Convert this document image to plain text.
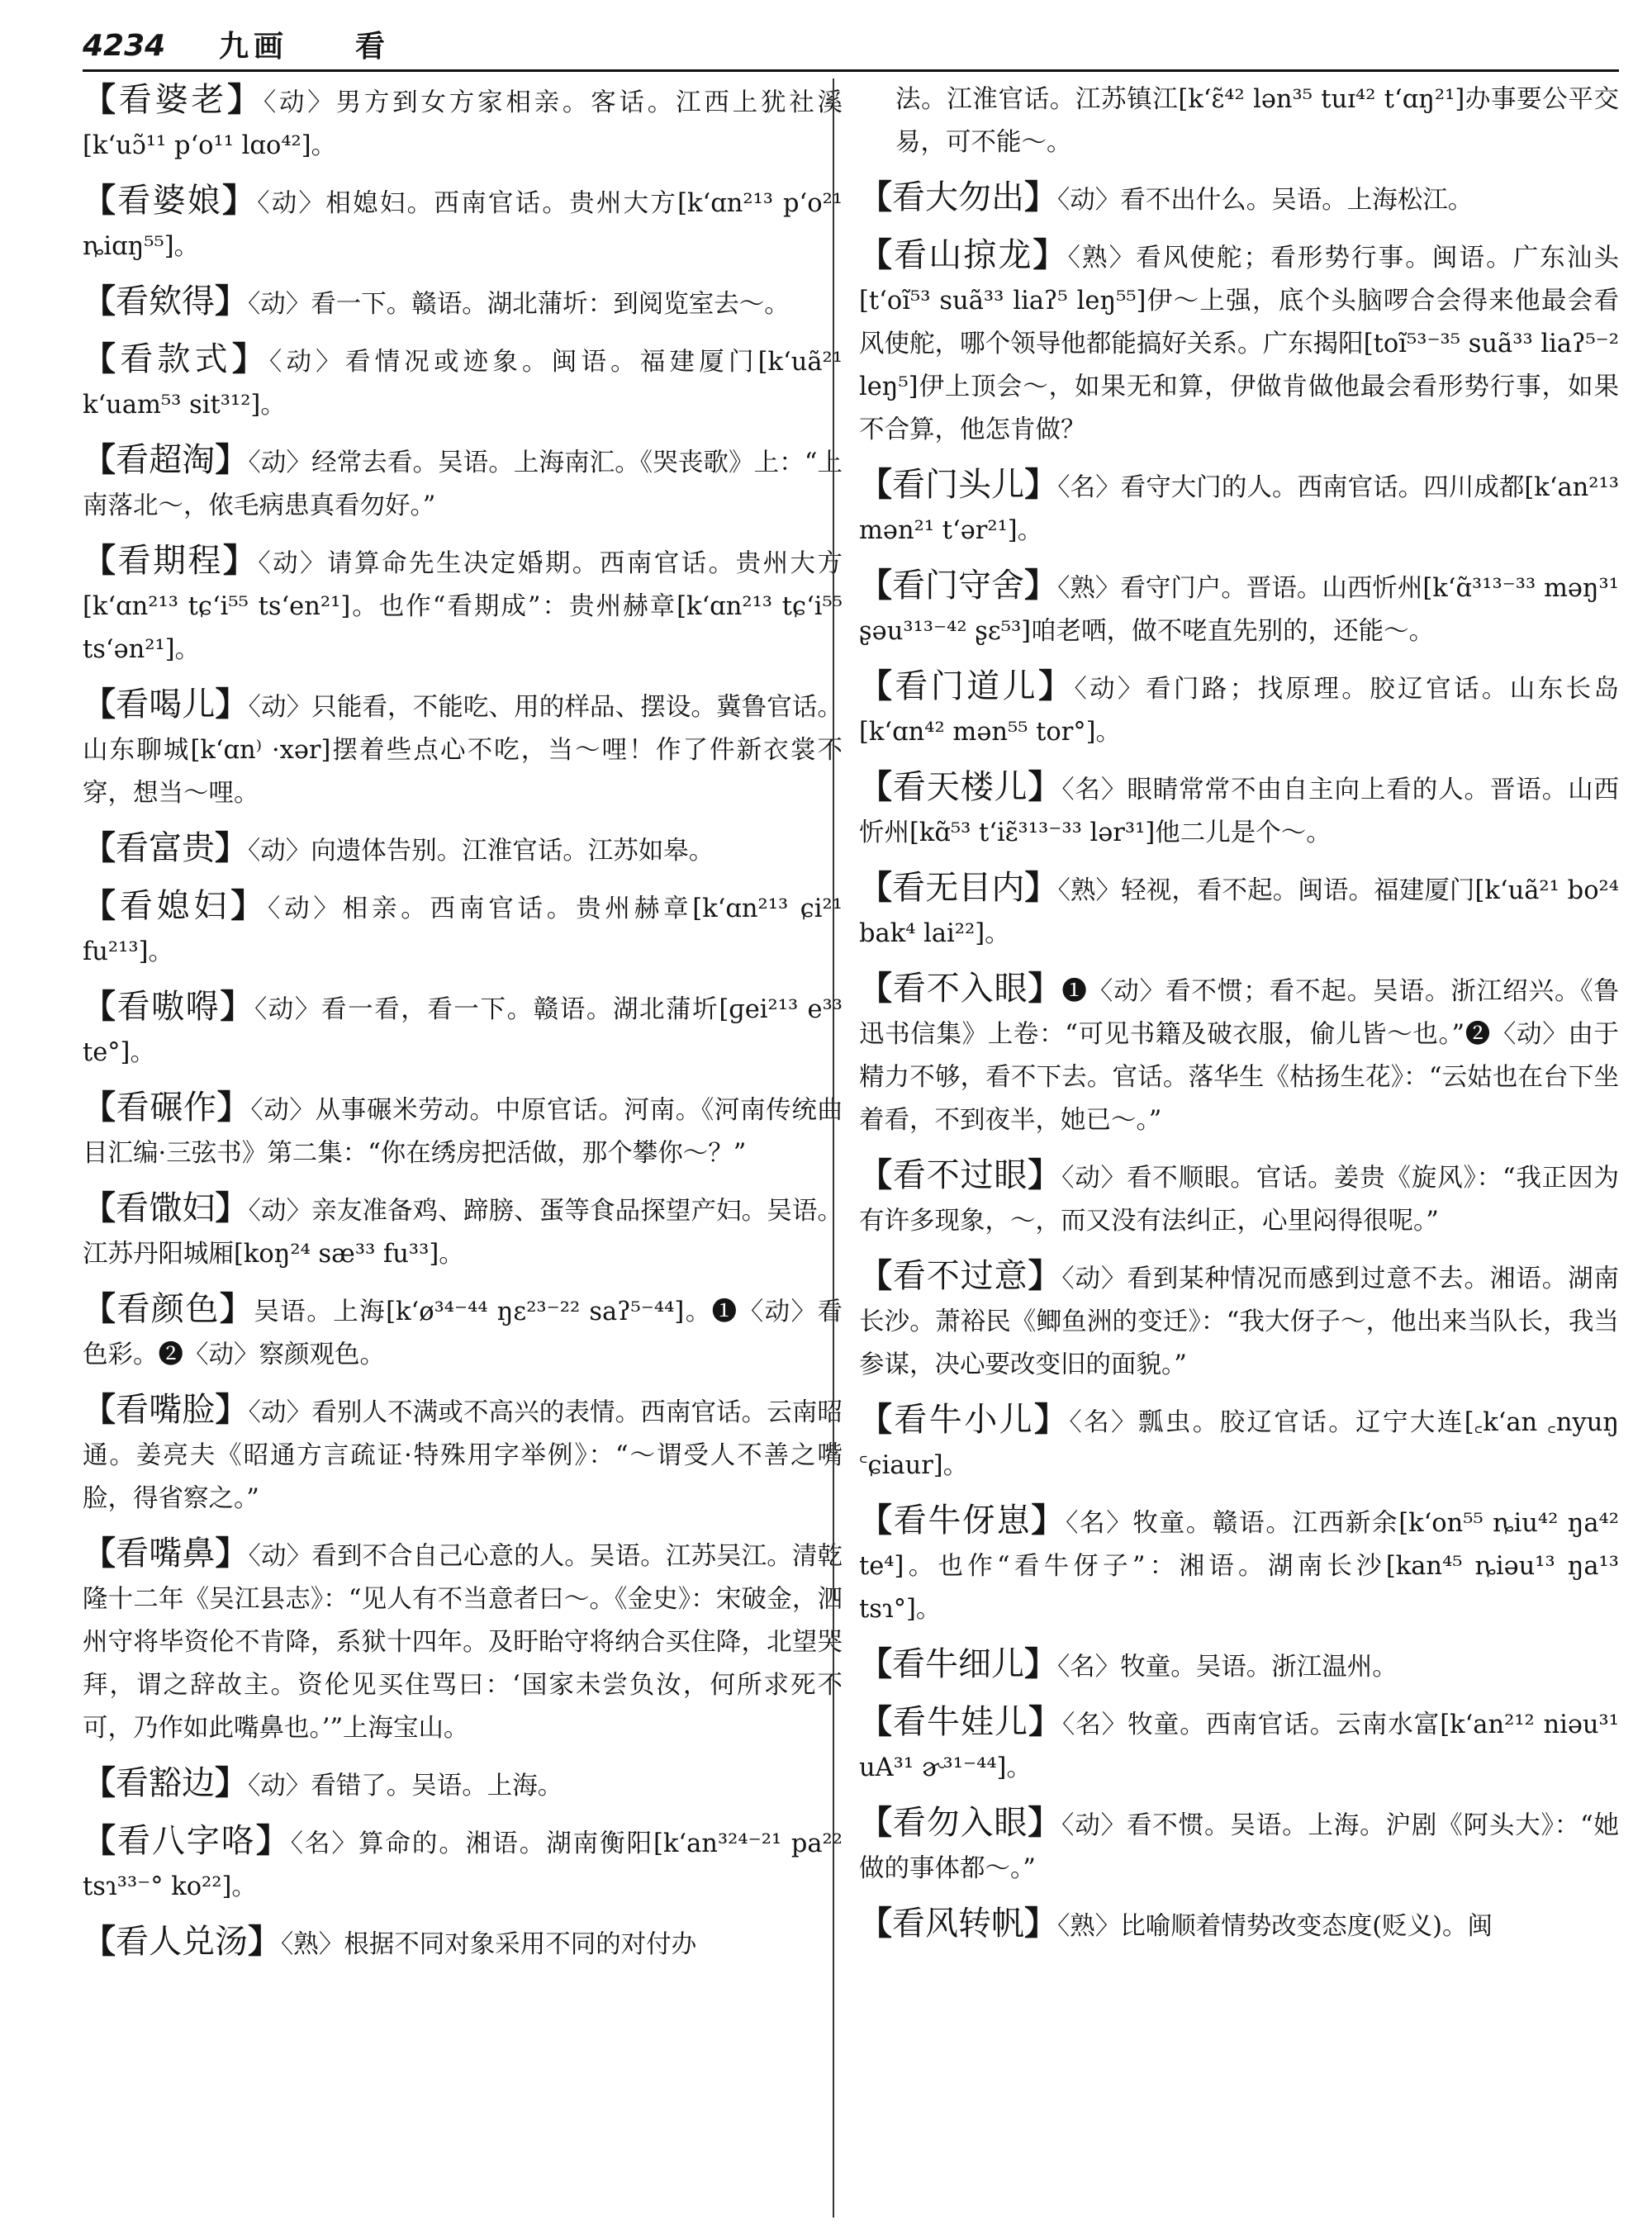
4234 九画 看

【看婆老】〈动〉男方到女方家相亲。客话。江西上犹社溪[k‘uɔ̃¹¹ p‘o¹¹ lɑo⁴²]。

【看婆娘】〈动〉相媳妇。西南官话。贵州大方[k‘ɑn²¹³ p‘o²¹ ȵiɑŋ⁵⁵]。

【看欸得】〈动〉看一下。赣语。湖北蒲圻：到阅览室去～。

【看款式】〈动〉看情况或迹象。闽语。福建厦门[k‘uã²¹ k‘uam⁵³ sit³¹²]。

【看超淘】〈动〉经常去看。吴语。上海南汇。《哭丧歌》上：“上南落北～，侬毛病患真看勿好。”

【看期程】〈动〉请算命先生决定婚期。西南官话。贵州大方[k‘ɑn²¹³ tɕ‘i⁵⁵ ts‘en²¹]。也作“看期成”：贵州赫章[k‘ɑn²¹³ tɕ‘i⁵⁵ ts‘ən²¹]。

【看喝儿】〈动〉只能看，不能吃、用的样品、摆设。冀鲁官话。山东聊城[k‘ɑn⁾ ·xər]摆着些点心不吃，当～哩！作了件新衣裳不穿，想当～哩。

【看富贵】〈动〉向遗体告别。江淮官话。江苏如皋。

【看媳妇】〈动〉相亲。西南官话。贵州赫章[k‘ɑn²¹³ ɕi²¹ fu²¹³]。

【看嗷嘚】〈动〉看一看，看一下。赣语。湖北蒲圻[ɡei²¹³ e³³ te°]。

【看碾作】〈动〉从事碾米劳动。中原官话。河南。《河南传统曲目汇编·三弦书》第二集：“你在绣房把活做，那个攀你～？”

【看馓妇】〈动〉亲友准备鸡、蹄膀、蛋等食品探望产妇。吴语。江苏丹阳城厢[koŋ²⁴ sæ³³ fu³³]。

【看颜色】吴语。上海[k‘ø³⁴⁻⁴⁴ ŋɛ²³⁻²² saʔ⁵⁻⁴⁴]。❶〈动〉看色彩。❷〈动〉察颜观色。

【看嘴脸】〈动〉看别人不满或不高兴的表情。西南官话。云南昭通。姜亮夫《昭通方言疏证·特殊用字举例》：“～谓受人不善之嘴脸，得省察之。”

【看嘴鼻】〈动〉看到不合自己心意的人。吴语。江苏吴江。清乾隆十二年《吴江县志》：“见人有不当意者曰～。《金史》：宋破金，泗州守将毕资伦不肯降，系狱十四年。及盱眙守将纳合买住降，北望哭拜，谓之辞故主。资伦见买住骂曰：‘国家未尝负汝，何所求死不可，乃作如此嘴鼻也。’”上海宝山。

【看豁边】〈动〉看错了。吴语。上海。

【看八字咯】〈名〉算命的。湘语。湖南衡阳[k‘an³²⁴⁻²¹ pa²² tsɿ³³⁻° ko²²]。

【看人兑汤】〈熟〉根据不同对象采用不同的对付办

法。江淮官话。江苏镇江[k‘ɛ̃⁴² lən³⁵ tuɪ⁴² t‘ɑŋ²¹]办事要公平交易，可不能～。

【看大勿出】〈动〉看不出什么。吴语。上海松江。

【看山掠龙】〈熟〉看风使舵；看形势行事。闽语。广东汕头[t‘oĩ⁵³ suã³³ liaʔ⁵ leŋ⁵⁵]伊～上强，底个头脑啰合会得来他最会看风使舵，哪个领导他都能搞好关系。广东揭阳[toĩ⁵³⁻³⁵ suã³³ liaʔ⁵⁻² leŋ⁵]伊上顶会～，如果无和算，伊做肯做他最会看形势行事，如果不合算，他怎肯做？

【看门头儿】〈名〉看守大门的人。西南官话。四川成都[k‘an²¹³ mən²¹ t‘ər²¹]。

【看门守舍】〈熟〉看守门户。晋语。山西忻州[k‘ɑ̃³¹³⁻³³ məŋ³¹ ʂəu³¹³⁻⁴² ʂɛ⁵³]咱老哂，做不咾直先别的，还能～。

【看门道儿】〈动〉看门路；找原理。胶辽官话。山东长岛[k‘ɑn⁴² mən⁵⁵ tor°]。

【看天楼儿】〈名〉眼睛常常不由自主向上看的人。晋语。山西忻州[kɑ̃⁵³ t‘iɛ̃³¹³⁻³³ lər³¹]他二儿是个～。

【看无目内】〈熟〉轻视，看不起。闽语。福建厦门[k‘uã²¹ bo²⁴ bak⁴ lai²²]。

【看不入眼】❶〈动〉看不惯；看不起。吴语。浙江绍兴。《鲁迅书信集》上卷：“可见书籍及破衣服，偷儿皆～也。”❷〈动〉由于精力不够，看不下去。官话。落华生《枯扬生花》：“云姑也在台下坐着看，不到夜半，她已～。”

【看不过眼】〈动〉看不顺眼。官话。姜贵《旋风》：“我正因为有许多现象，～，而又没有法纠正，心里闷得很呢。”

【看不过意】〈动〉看到某种情况而感到过意不去。湘语。湖南长沙。萧裕民《鲫鱼洲的变迁》：“我大伢子～，他出来当队长，我当参谋，决心要改变旧的面貌。”

【看牛小儿】〈名〉瓢虫。胶辽官话。辽宁大连[꜀k‘an ꜀nyuŋ ꜂ɕiaur]。

【看牛伢崽】〈名〉牧童。赣语。江西新余[k‘on⁵⁵ ȵiu⁴² ŋa⁴² te⁴]。也作“看牛伢子”：湘语。湖南长沙[kan⁴⁵ ȵiəu¹³ ŋa¹³ tsɿ°]。

【看牛细儿】〈名〉牧童。吴语。浙江温州。

【看牛娃儿】〈名〉牧童。西南官话。云南水富[k‘an²¹² niəu³¹ uA³¹ ɚ³¹⁻⁴⁴]。

【看勿入眼】〈动〉看不惯。吴语。上海。沪剧《阿头大》：“她做的事体都～。”

【看风转帆】〈熟〉比喻顺着情势改变态度(贬义)。闽
